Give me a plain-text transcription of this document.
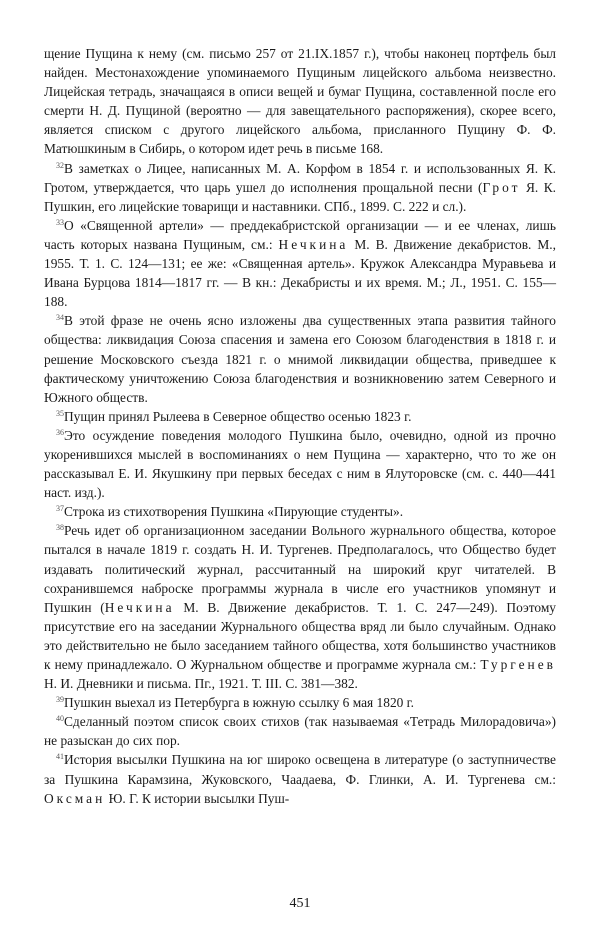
щение Пущина к нему (см. письмо 257 от 21.IX.1857 г.), чтобы наконец портфель был найден. Местонахождение упоминаемого Пущиным лицейского альбома неизвестно. Лицейская тетрадь, значащаяся в описи вещей и бумаг Пущина, составленной после его смерти Н. Д. Пущиной (вероятно — для завещательного распоряжения), скорее всего, является списком с другого лицейского альбома, присланного Пущину Ф. Ф. Матюшкиным в Сибирь, о котором идет речь в письме 168.

$^{32}$В заметках о Лицее, написанных М. А. Корфом в 1854 г. и использованных Я. К. Гротом, утверждается, что царь ушел до исполнения прощальной песни (Грот Я. К. Пушкин, его лицейские товарищи и наставники. СПб., 1899. С. 222 и сл.).

$^{33}$О «Священной артели» — преддекабристской организации — и ее членах, лишь часть которых названа Пущиным, см.: Нечкина М. В. Движение декабристов. М., 1955. Т. 1. С. 124—131; ее же: «Священная артель». Кружок Александра Муравьева и Ивана Бурцова 1814—1817 гг. — В кн.: Декабристы и их время. М.; Л., 1951. С. 155—188.

$^{34}$В этой фразе не очень ясно изложены два существенных этапа развития тайного общества: ликвидация Союза спасения и замена его Союзом благоденствия в 1818 г. и решение Московского съезда 1821 г. о мнимой ликвидации общества, приведшее к фактическому уничтожению Союза благоденствия и возникновению затем Северного и Южного обществ.

$^{35}$Пущин принял Рылеева в Северное общество осенью 1823 г.

$^{36}$Это осуждение поведения молодого Пушкина было, очевидно, одной из прочно укоренившихся мыслей в воспоминаниях о нем Пущина — характерно, что то же он рассказывал Е. И. Якушкину при первых беседах с ним в Ялуторовске (см. с. 440—441 наст. изд.).

$^{37}$Строка из стихотворения Пушкина «Пирующие студенты».

$^{38}$Речь идет об организационном заседании Вольного журнального общества, которое пытался в начале 1819 г. создать Н. И. Тургенев. Предполагалось, что Общество будет издавать политический журнал, рассчитанный на широкий круг читателей. В сохранившемся наброске программы журнала в числе его участников упомянут и Пушкин (Нечкина М. В. Движение декабристов. Т. 1. С. 247—249). Поэтому присутствие его на заседании Журнального общества вряд ли было случайным. Однако это действительно не было заседанием тайного общества, хотя большинство участников к нему принадлежало. О Журнальном обществе и программе журнала см.: Тургенев Н. И. Дневники и письма. Пг., 1921. Т. III. С. 381—382.

$^{39}$Пушкин выехал из Петербурга в южную ссылку 6 мая 1820 г.

$^{40}$Сделанный поэтом список своих стихов (так называемая «Тетрадь Милорадовича») не разыскан до сих пор.

$^{41}$История высылки Пушкина на юг широко освещена в литературе (о заступничестве за Пушкина Карамзина, Жуковского, Чаадаева, Ф. Глинки, А. И. Тургенева см.: Оксман Ю. Г. К истории высылки Пуш-

451
